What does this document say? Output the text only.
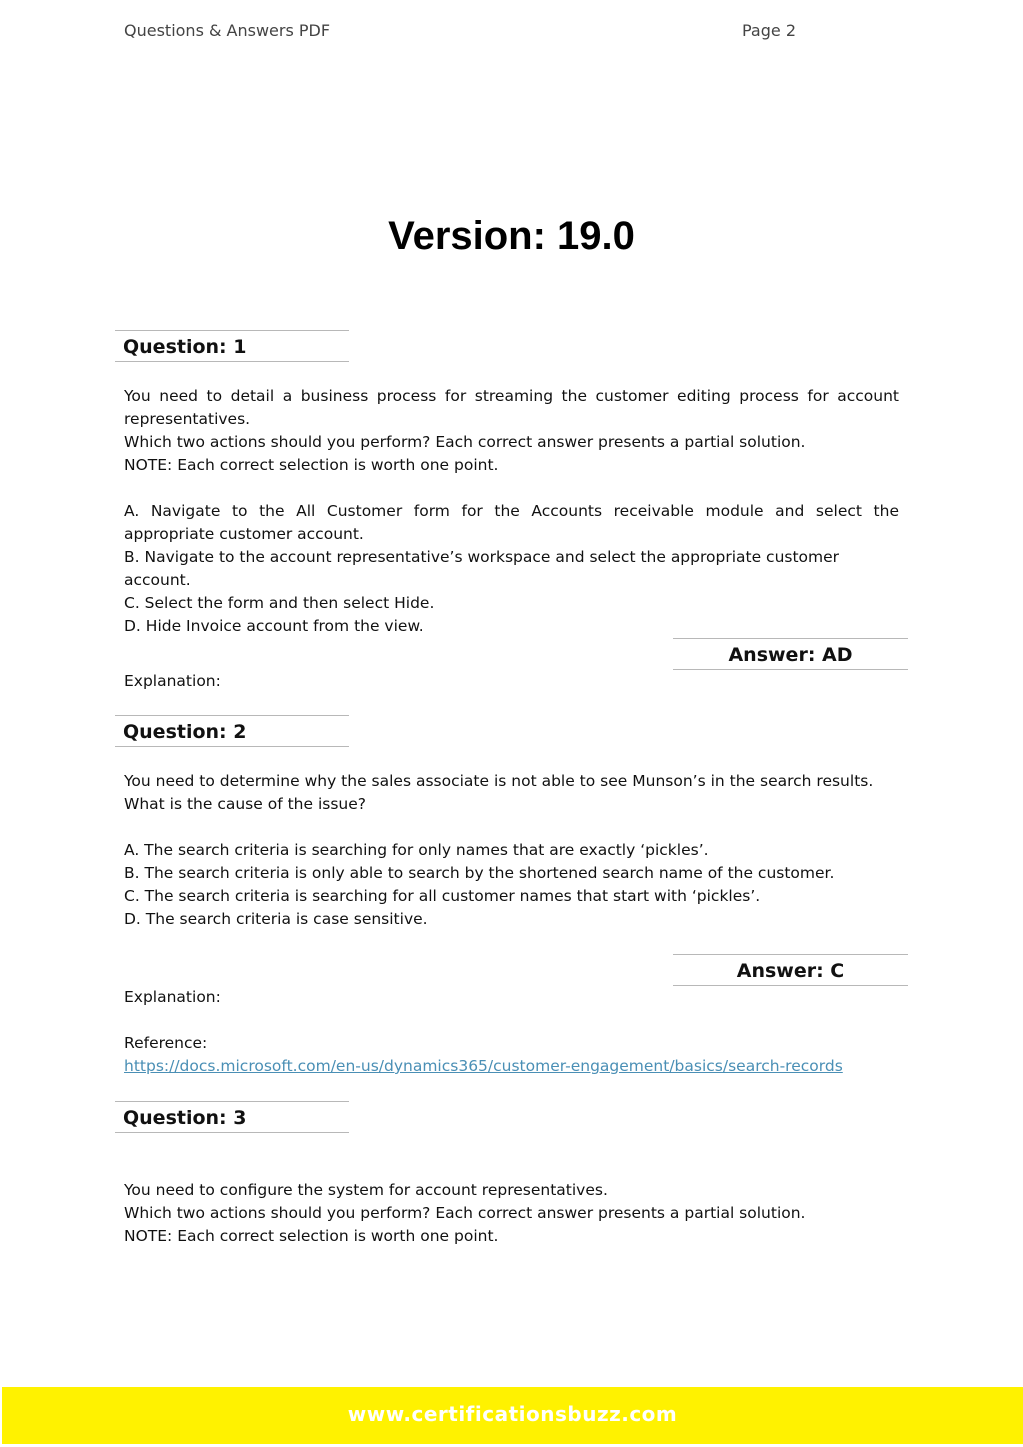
Questions & Answers PDF	Page 2
Version: 19.0
Question: 1

You need to detail a business process for streaming the customer editing process for account representatives.

Which two actions should you perform? Each correct answer presents a partial solution.

NOTE: Each correct selection is worth one point.

A. Navigate to the All Customer form for the Accounts receivable module and select the appropriate customer account.

B. Navigate to the account representative’s workspace and select the appropriate customer account.

C. Select the form and then select Hide.

D. Hide Invoice account from the view.

Answer: AD
Explanation:
Question: 2

You need to determine why the sales associate is not able to see Munson’s in the search results.

What is the cause of the issue?

A. The search criteria is searching for only names that are exactly ‘pickles’.

B. The search criteria is only able to search by the shortened search name of the customer.

C. The search criteria is searching for all customer names that start with ‘pickles’.

D. The search criteria is case sensitive.

Answer: C

Explanation:

Reference:

https://docs.microsoft.com/en-us/dynamics365/customer-engagement/basics/search-records

Question: 3

You need to configure the system for account representatives.

Which two actions should you perform? Each correct answer presents a partial solution.

NOTE: Each correct selection is worth one point.

www.certificationsbuzz.com
